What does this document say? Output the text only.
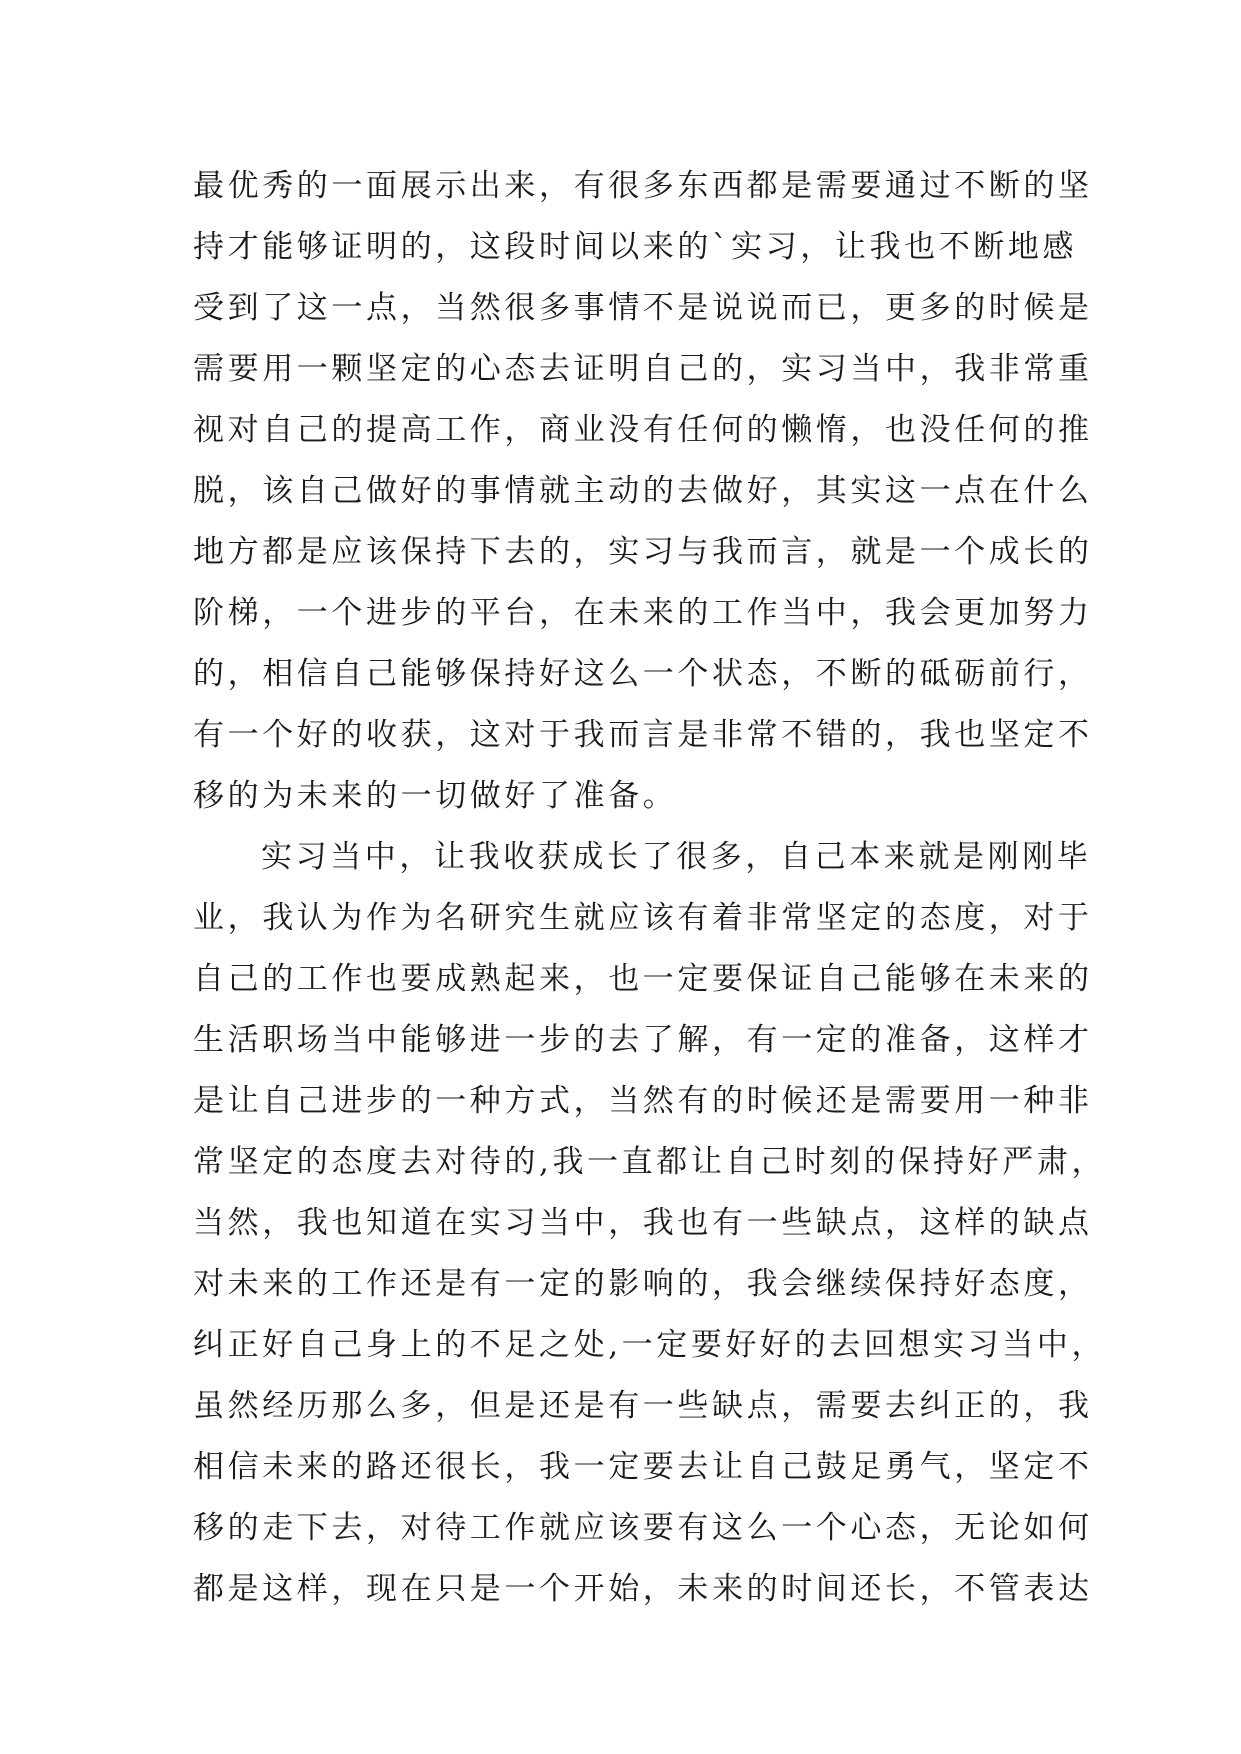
最优秀的一面展示出来，有很多东西都是需要通过不断的坚
持才能够证明的，这段时间以来的`实习，让我也不断地感
受到了这一点，当然很多事情不是说说而已，更多的时候是
需要用一颗坚定的心态去证明自己的，实习当中，我非常重
视对自己的提高工作，商业没有任何的懒惰，也没任何的推
脱，该自己做好的事情就主动的去做好，其实这一点在什么
地方都是应该保持下去的，实习与我而言，就是一个成长的
阶梯，一个进步的平台，在未来的工作当中，我会更加努力
的，相信自己能够保持好这么一个状态，不断的砥砺前行，
有一个好的收获，这对于我而言是非常不错的，我也坚定不
移的为未来的一切做好了准备。
实习当中，让我收获成长了很多，自己本来就是刚刚毕
业，我认为作为名研究生就应该有着非常坚定的态度，对于
自己的工作也要成熟起来，也一定要保证自己能够在未来的
生活职场当中能够进一步的去了解，有一定的准备，这样才
是让自己进步的一种方式，当然有的时候还是需要用一种非
常坚定的态度去对待的,我一直都让自己时刻的保持好严肃，
当然，我也知道在实习当中，我也有一些缺点，这样的缺点
对未来的工作还是有一定的影响的，我会继续保持好态度，
纠正好自己身上的不足之处,一定要好好的去回想实习当中，
虽然经历那么多，但是还是有一些缺点，需要去纠正的，我
相信未来的路还很长，我一定要去让自己鼓足勇气，坚定不
移的走下去，对待工作就应该要有这么一个心态，无论如何
都是这样，现在只是一个开始，未来的时间还长，不管表达
